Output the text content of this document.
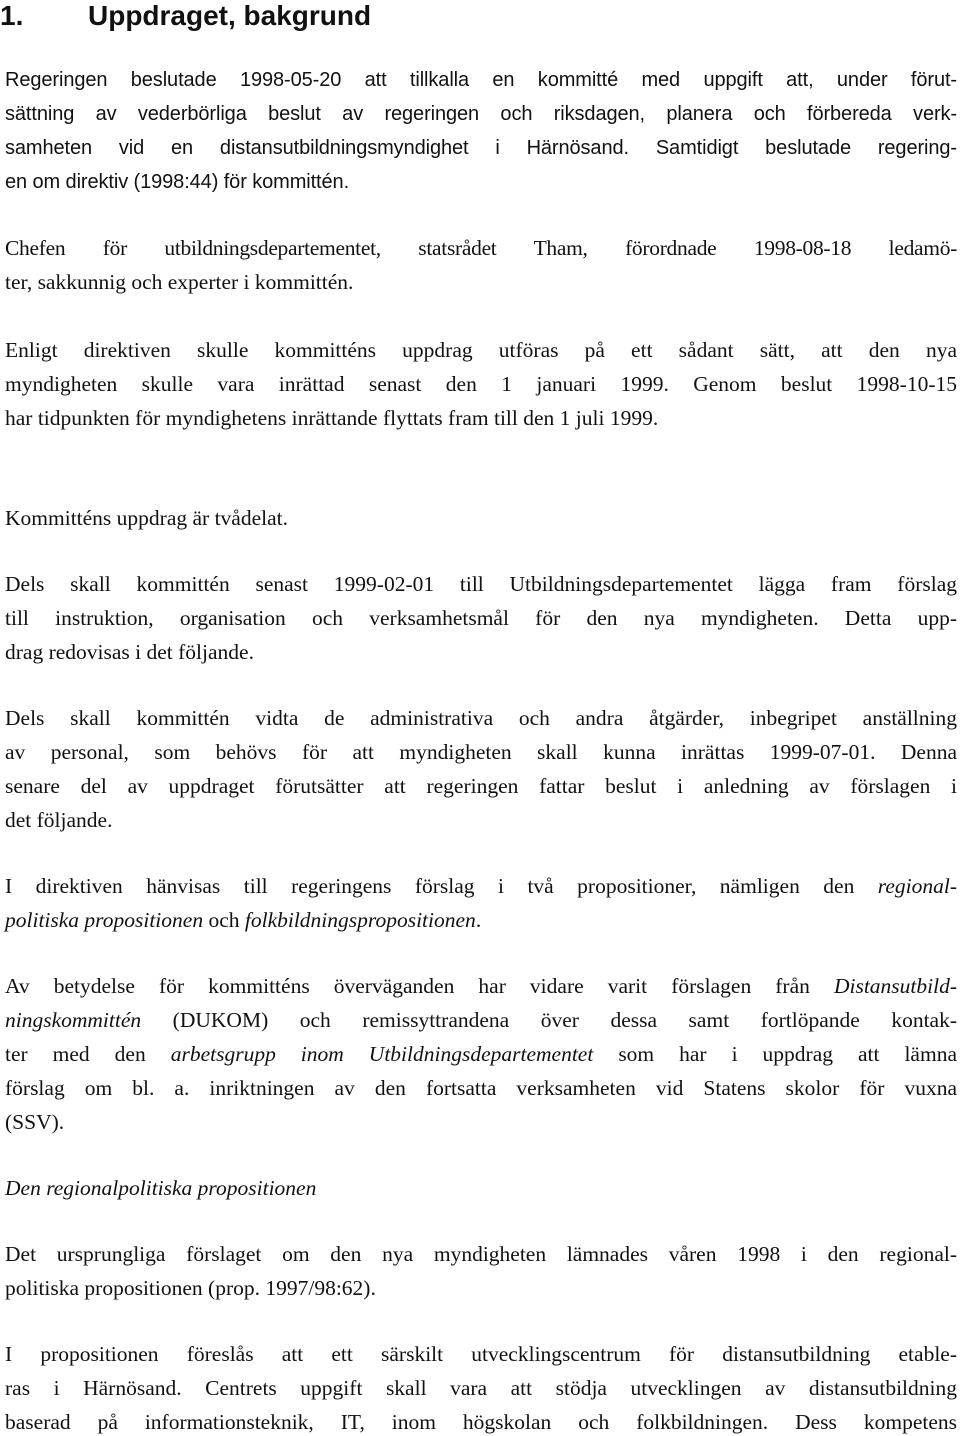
1. Uppdraget, bakgrund
Regeringen beslutade 1998-05-20 att tillkalla en kommitté med uppgift att, under förut-
sättning av vederbörliga beslut av regeringen och riksdagen, planera och förbereda verk-
samheten vid en distansutbildningsmyndighet i Härnösand. Samtidigt beslutade regering-
en om direktiv (1998:44) för kommittén.
Chefen för utbildningsdepartementet, statsrådet Tham, förordnade 1998-08-18 ledamö-
ter, sakkunnig och experter i kommittén.
Enligt direktiven skulle kommitténs uppdrag utföras på ett sådant sätt, att den nya
myndigheten skulle vara inrättad senast den 1 januari 1999. Genom beslut 1998-10-15
har tidpunkten för myndighetens inrättande flyttats fram till den 1 juli 1999.
Kommitténs uppdrag är tvådelat.
Dels skall kommittén senast 1999-02-01 till Utbildningsdepartementet lägga fram förslag
till instruktion, organisation och verksamhetsmål för den nya myndigheten. Detta upp-
drag redovisas i det följande.
Dels skall kommittén vidta de administrativa och andra åtgärder, inbegripet anställning
av personal, som behövs för att myndigheten skall kunna inrättas 1999-07-01. Denna
senare del av uppdraget förutsätter att regeringen fattar beslut i anledning av förslagen i
det följande.
I direktiven hänvisas till regeringens förslag i två propositioner, nämligen den regional-
politiska propositionen och folkbildningspropositionen.
Av betydelse för kommitténs överväganden har vidare varit förslagen från Distansutbild-
ningskommittén (DUKOM) och remissyttrandena över dessa samt fortlöpande kontak-
ter med den arbetsgrupp inom Utbildningsdepartementet som har i uppdrag att lämna
förslag om bl. a. inriktningen av den fortsatta verksamheten vid Statens skolor för vuxna
(SSV).
Den regionalpolitiska propositionen
Det ursprungliga förslaget om den nya myndigheten lämnades våren 1998 i den regional-
politiska propositionen (prop. 1997/98:62).
I propositionen föreslås att ett särskilt utvecklingscentrum för distansutbildning etable-
ras i Härnösand. Centrets uppgift skall vara att stödja utvecklingen av distansutbildning
baserad på informationsteknik, IT, inom högskolan och folkbildningen. Dess kompetens
